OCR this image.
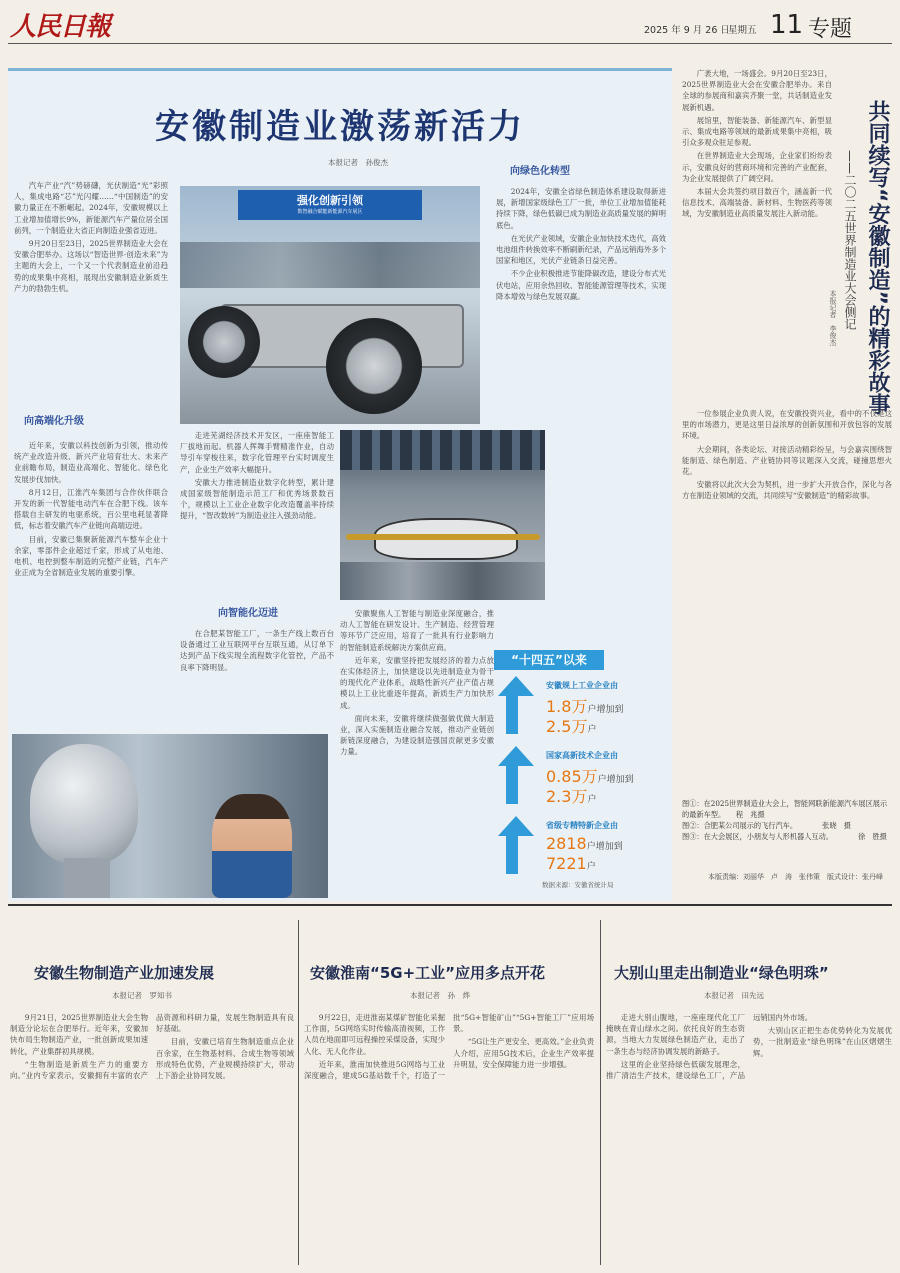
人民日報	2025 年 9 月 26 日
星期五 11 专题
安徽制造业激荡新活力
本报记者　孙俊杰

汽车产业“汽”势磅礴，光伏制造“光”彩照人，集成电路“芯”光闪耀……“中国制造”的安徽力量正在不断崛起。2024年，安徽规模以上工业增加值增长9%，新能源汽车产量位居全国前列，一个制造业大省正向制造业强省迈进。

9月20日至23日，2025世界制造业大会在安徽合肥举办。这场以“智造世界·创造未来”为主题的大会上，一个又一个代表制造业前沿趋势的成果集中亮相，展现出安徽制造业新质生产力的勃勃生机。

向高端化升级

近年来，安徽以科技创新为引领，推动传统产业改造升级、新兴产业培育壮大、未来产业前瞻布局，制造业高端化、智能化、绿色化发展步伐加快。

8月12日，江淮汽车集团与合作伙伴联合开发的新一代智能电动汽车在合肥下线。该车搭载自主研发的电驱系统，百公里电耗显著降低，标志着安徽汽车产业链向高端迈进。

目前，安徽已集聚新能源汽车整车企业十余家，零部件企业超过千家，形成了从电池、电机、电控到整车制造的完整产业链，汽车产业正成为全省制造业发展的重要引擎。

强化创新引领
数智融合赋能新能源汽车展区

走进芜湖经济技术开发区，一座座智能工厂拔地而起。机器人挥舞手臂精准作业，自动导引车穿梭往来，数字化管理平台实时调度生产，企业生产效率大幅提升。

安徽大力推进制造业数字化转型，累计建成国家级智能制造示范工厂和优秀场景数百个，规模以上工业企业数字化改造覆盖率持续提升，“智改数转”为制造业注入强劲动能。

向智能化迈进

在合肥某智能工厂，一条生产线上数百台设备通过工业互联网平台互联互通，从订单下达到产品下线实现全流程数字化管控，产品不良率下降明显。

安徽聚焦人工智能与制造业深度融合，推动人工智能在研发设计、生产制造、经营管理等环节广泛应用，培育了一批具有行业影响力的智能制造系统解决方案供应商。

近年来，安徽坚持把发展经济的着力点放在实体经济上，加快建设以先进制造业为骨干的现代化产业体系，战略性新兴产业产值占规模以上工业比重逐年提高，新质生产力加快形成。

面向未来，安徽将继续做强做优做大制造业，深入实施制造业融合发展，推动产业链创新链深度融合，为建设制造强国贡献更多安徽力量。

向绿色化转型

2024年，安徽全省绿色制造体系建设取得新进展，新增国家级绿色工厂一批，单位工业增加值能耗持续下降，绿色低碳已成为制造业高质量发展的鲜明底色。

在光伏产业领域，安徽企业加快技术迭代，高效电池组件转换效率不断刷新纪录，产品远销海外多个国家和地区，光伏产业链条日益完善。

不少企业积极推进节能降碳改造，建设分布式光伏电站，应用余热回收、智能能源管理等技术，实现降本增效与绿色发展双赢。

“十四五”以来
安徽规上工业企业由
1.8万户增加到
2.5万户
国家高新技术企业由
0.85万户增加到
2.3万户
省级专精特新企业由
2818户增加到
7221户
数据来源：安徽省统计局

广袤大地，一场盛会。9月20日至23日，2025世界制造业大会在安徽合肥举办。来自全球的参展商和嘉宾齐聚一堂，共话制造业发展新机遇。

展馆里，智能装备、新能源汽车、新型显示、集成电路等领域的最新成果集中亮相，吸引众多观众驻足参观。

在世界制造业大会现场，企业家们纷纷表示，安徽良好的营商环境和完善的产业配套，为企业发展提供了广阔空间。

本届大会共签约项目数百个，涵盖新一代信息技术、高端装备、新材料、生物医药等领域，为安徽制造业高质量发展注入新动能。	共同续写“安徽制造”的精彩故事
——二〇二五世界制造业大会侧记
本报记者　李俊杰

一位参展企业负责人说，在安徽投资兴业，看中的不仅是这里的市场潜力，更是这里日益浓厚的创新氛围和开放包容的发展环境。

大会期间，各类论坛、对接活动精彩纷呈，与会嘉宾围绕智能制造、绿色制造、产业链协同等议题深入交流，碰撞思想火花。

安徽将以此次大会为契机，进一步扩大开放合作，深化与各方在制造业领域的交流，共同续写“安徽制造”的精彩故事。

图①：在2025世界制造业大会上，智能网联新能源汽车展区展示的最新车型。　　程　兆摄
图②：合肥某公司展示的飞行汽车。　　　　张晓　摄
图③：在大会展区，小朋友与人形机器人互动。　　　　徐　胜摄
本版责编：刘丽华　卢　涛　张伟策　版式设计：张丹峰
安徽生物制造产业加速发展
本报记者　罗知书

9月21日，2025世界制造业大会生物制造分论坛在合肥举行。近年来，安徽加快布局生物制造产业，一批创新成果加速转化，产业集群初具规模。

“生物制造是新质生产力的重要方向。”业内专家表示，安徽拥有丰富的农产品资源和科研力量，发展生物制造具有良好基础。

目前，安徽已培育生物制造重点企业百余家，在生物基材料、合成生物等领域形成特色优势，产业规模持续扩大，带动上下游企业协同发展。

安徽淮南“5G+工业”应用多点开花
本报记者　孙　烨

9月22日，走进淮南某煤矿智能化采掘工作面，5G网络实时传输高清视频，工作人员在地面即可远程操控采煤设备，实现少人化、无人化作业。

近年来，淮南加快推进5G网络与工业深度融合，建成5G基站数千个，打造了一批“5G+智能矿山”“5G+智能工厂”应用场景。

“5G让生产更安全、更高效。”企业负责人介绍，应用5G技术后，企业生产效率提升明显，安全保障能力进一步增强。

大别山里走出制造业“绿色明珠”
本报记者　田先远

走进大别山腹地，一座座现代化工厂掩映在青山绿水之间。依托良好的生态资源，当地大力发展绿色制造产业，走出了一条生态与经济协调发展的新路子。

这里的企业坚持绿色低碳发展理念，推广清洁生产技术，建设绿色工厂，产品远销国内外市场。

大别山区正把生态优势转化为发展优势，一批制造业“绿色明珠”在山区熠熠生辉。
